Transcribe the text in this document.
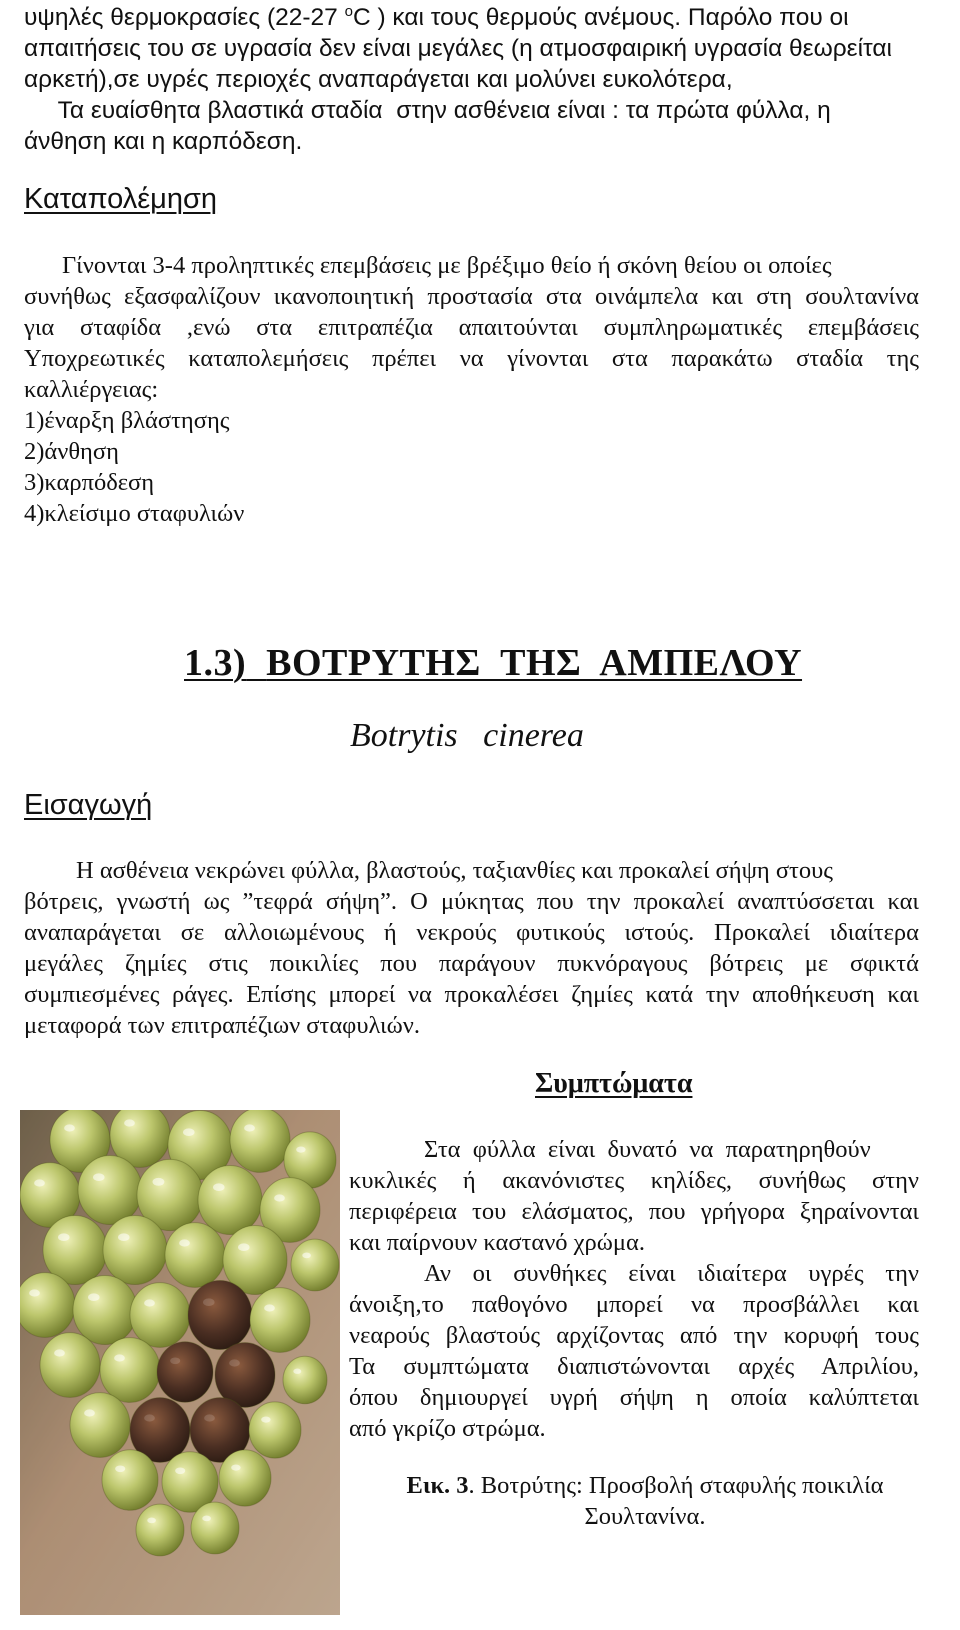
υψηλές θερμοκρασίες (22-27 $^o$C ) και τους θερμούς ανέμους. Παρόλο που οι
απαιτήσεις του σε υγρασία δεν είναι μεγάλες (η ατμοσφαιρική υγρασία θεωρείται
αρκετή),σε υγρές περιοχές αναπαράγεται και μολύνει ευκολότερα,
Τα ευαίσθητα βλαστικά σταδία  στην ασθένεια είναι : τα πρώτα φύλλα, η
άνθηση και η καρπόδεση.
Καταπολέμηση
Γίνονται 3-4 προληπτικές επεμβάσεις με βρέξιμο θείο ή σκόνη θείου οι οποίες
συνήθως εξασφαλίζουν ικανοποιητική προστασία στα οινάμπελα και στη σουλτανίνα
για σταφίδα ,ενώ στα επιτραπέζια απαιτούνται συμπληρωματικές επεμβάσεις
Υποχρεωτικές καταπολεμήσεις πρέπει να γίνονται στα παρακάτω σταδία της
καλλιέργειας:
1)έναρξη βλάστησης
2)άνθηση
3)καρπόδεση
4)κλείσιμο σταφυλιών
1.3) ΒΟΤΡΥΤΗΣ  ΤΗΣ  ΑΜΠΕΛΟΥ
Botrytis   cinerea
Εισαγωγή
Η ασθένεια νεκρώνει φύλλα, βλαστούς, ταξιανθίες και προκαλεί σήψη στους
βότρεις, γνωστή ως ”τεφρά σήψη”. Ο μύκητας που την προκαλεί αναπτύσσεται και
αναπαράγεται σε αλλοιωμένους ή νεκρούς φυτικούς ιστούς. Προκαλεί ιδιαίτερα
μεγάλες ζημίες στις ποικιλίες που παράγουν πυκνόραγους βότρεις με σφικτά
συμπιεσμένες ράγες. Επίσης μπορεί να προκαλέσει ζημίες κατά την αποθήκευση και
μεταφορά των επιτραπέζιων σταφυλιών.
Συμπτώματα
Στα  φύλλα  είναι  δυνατό  να  παρατηρηθούν
κυκλικές ή ακανόνιστες κηλίδες, συνήθως στην
περιφέρεια του ελάσματος, που γρήγορα ξηραίνονται
και παίρνουν καστανό χρώμα.
Αν οι συνθήκες είναι ιδιαίτερα υγρές την
άνοιξη,το παθογόνο μπορεί να προσβάλλει και
νεαρούς βλαστούς αρχίζοντας από την κορυφή τους
Τα συμπτώματα διαπιστώνονται αρχές Απριλίου,
όπου δημιουργεί υγρή σήψη η οποία καλύπτεται
από γκρίζο στρώμα.
Εικ. 3. Βοτρύτης: Προσβολή σταφυλής ποικιλία
Σουλτανίνα.
